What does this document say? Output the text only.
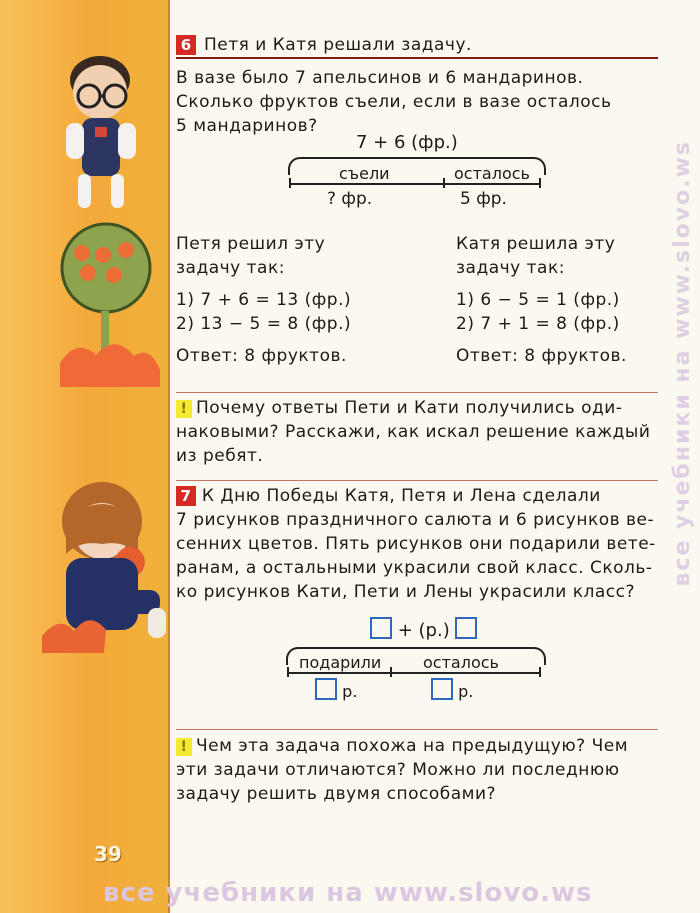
39
6 Петя и Катя решали задачу.
В вазе было 7 апельсинов и 6 мандаринов.
Сколько фруктов съели, если в вазе осталось
5 мандаринов?
7 + 6 (фр.)
съели	осталось
? фр.	5 фр.
Петя решил эту
задачу так:
1) 7 + 6 = 13 (фр.)
2) 13 − 5 = 8 (фр.)
Ответ: 8 фруктов.
Катя решила эту
задачу так:
1) 6 − 5 = 1 (фр.)
2) 7 + 1 = 8 (фр.)
Ответ: 8 фруктов.
! Почему ответы Пети и Кати получились оди-
наковыми? Расскажи, как искал решение каждый
из ребят.
7 К Дню Победы Катя, Петя и Лена сделали
7 рисунков праздничного салюта и 6 рисунков ве-
сенних цветов. Пять рисунков они подарили вете-
ранам, а остальными украсили свой класс. Сколь-
ко рисунков Кати, Пети и Лены украсили класс?
+ (р.)
подарили	осталось
р.	р.
! Чем эта задача похожа на предыдущую? Чем
эти задачи отличаются? Можно ли последнюю
задачу решить двумя способами?
все учебники на www.slovo.ws
все учебники на www.slovo.ws
